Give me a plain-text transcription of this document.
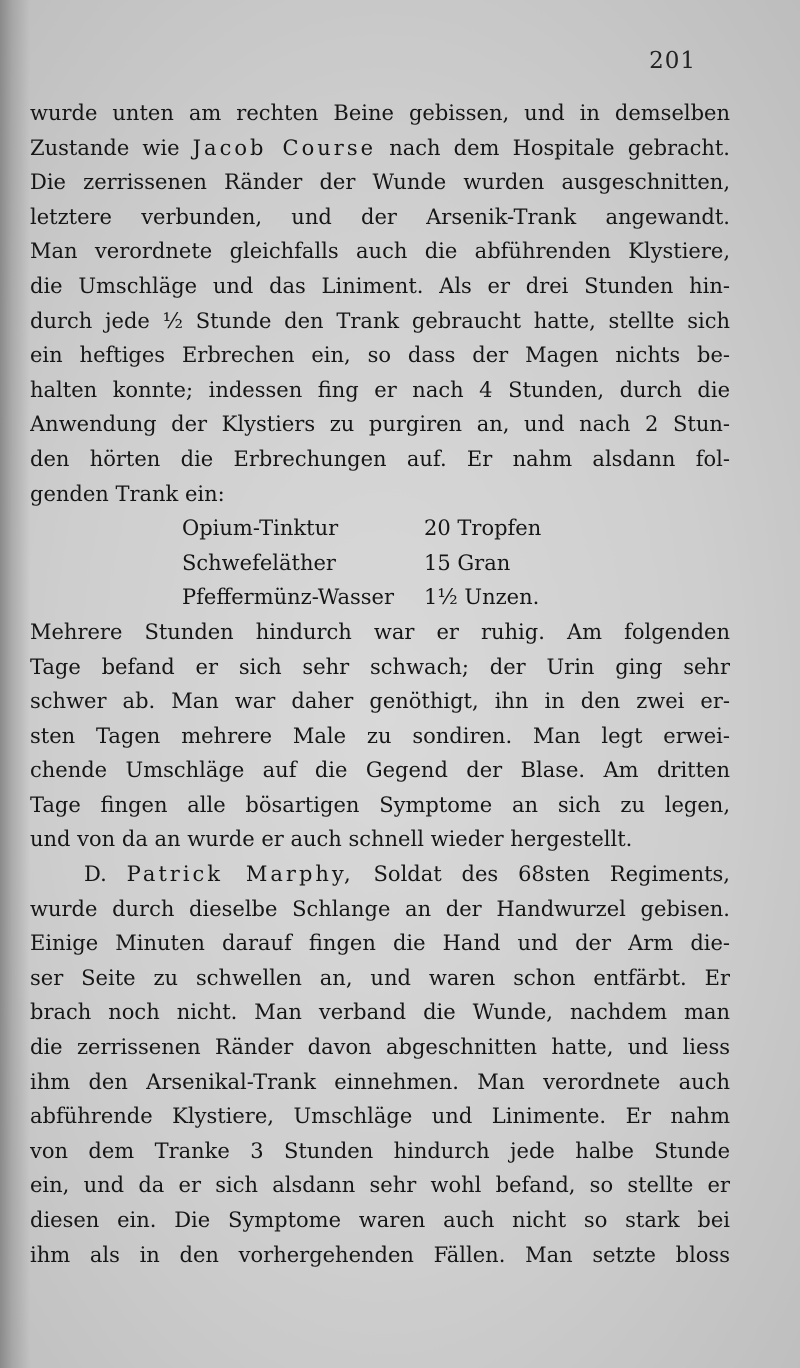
201
wurde unten am rechten Beine gebissen, und in demselben
Zustande wie Jacob Course nach dem Hospitale gebracht.
Die zerrissenen Ränder der Wunde wurden ausgeschnitten,
letztere verbunden, und der Arsenik-Trank angewandt.
Man verordnete gleichfalls auch die abführenden Klystiere,
die Umschläge und das Liniment. Als er drei Stunden hin-
durch jede ½ Stunde den Trank gebraucht hatte, stellte sich
ein heftiges Erbrechen ein, so dass der Magen nichts be-
halten konnte; indessen fing er nach 4 Stunden, durch die
Anwendung der Klystiers zu purgiren an, und nach 2 Stun-
den hörten die Erbrechungen auf. Er nahm alsdann fol-
genden Trank ein:
Opium-Tinktur	20 Tropfen
Schwefeläther	15 Gran
Pfeffermünz-Wasser 1½ Unzen.
Mehrere Stunden hindurch war er ruhig. Am folgenden
Tage befand er sich sehr schwach; der Urin ging sehr
schwer ab. Man war daher genöthigt, ihn in den zwei er-
sten Tagen mehrere Male zu sondiren. Man legt erwei-
chende Umschläge auf die Gegend der Blase. Am dritten
Tage fingen alle bösartigen Symptome an sich zu legen,
und von da an wurde er auch schnell wieder hergestellt.
D. Patrick Marphy, Soldat des 68sten Regiments,
wurde durch dieselbe Schlange an der Handwurzel gebisen.
Einige Minuten darauf fingen die Hand und der Arm die-
ser Seite zu schwellen an, und waren schon entfärbt. Er
brach noch nicht. Man verband die Wunde, nachdem man
die zerrissenen Ränder davon abgeschnitten hatte, und liess
ihm den Arsenikal-Trank einnehmen. Man verordnete auch
abführende Klystiere, Umschläge und Linimente. Er nahm
von dem Tranke 3 Stunden hindurch jede halbe Stunde
ein, und da er sich alsdann sehr wohl befand, so stellte er
diesen ein. Die Symptome waren auch nicht so stark bei
ihm als in den vorhergehenden Fällen. Man setzte bloss
